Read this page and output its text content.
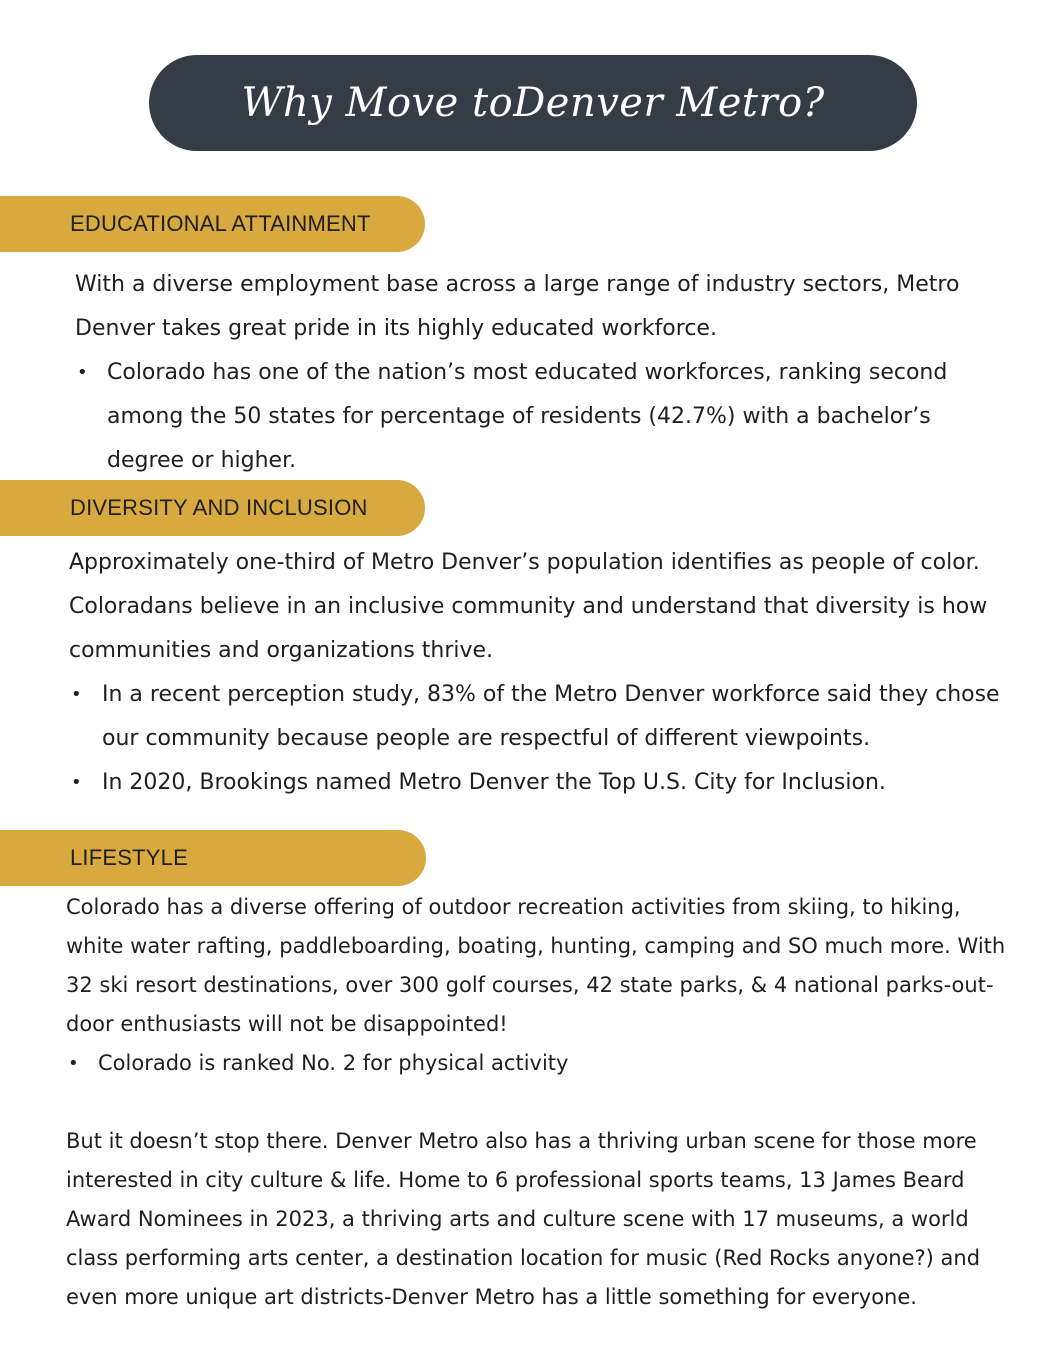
Why Move toDenver Metro?
EDUCATIONAL ATTAINMENT

With a diverse employment base across a large range of industry sectors, Metro Denver takes great pride in its highly educated workforce.

• Colorado has one of the nation’s most educated workforces, ranking second among the 50 states for percentage of residents (42.7%) with a bachelor’s degree or higher.
DIVERSITY AND INCLUSION

Approximately one-third of Metro Denver’s population identifies as people of color. Coloradans believe in an inclusive community and understand that diversity is how communities and organizations thrive.

• In a recent perception study, 83% of the Metro Denver workforce said they chose our community because people are respectful of different viewpoints.
• In 2020, Brookings named Metro Denver the Top U.S. City for Inclusion.
LIFESTYLE

Colorado has a diverse offering of outdoor recreation activities from skiing, to hiking, white water rafting, paddleboarding, boating, hunting, camping and SO much more. With 32 ski resort destinations, over 300 golf courses, 42 state parks, & 4 national parks-out-door enthusiasts will not be disappointed!

• Colorado is ranked No. 2 for physical activity

But it doesn’t stop there. Denver Metro also has a thriving urban scene for those more interested in city culture & life. Home to 6 professional sports teams, 13 James Beard Award Nominees in 2023, a thriving arts and culture scene with 17 museums, a world class performing arts center, a destination location for music (Red Rocks anyone?) and even more unique art districts-Denver Metro has a little something for everyone.
